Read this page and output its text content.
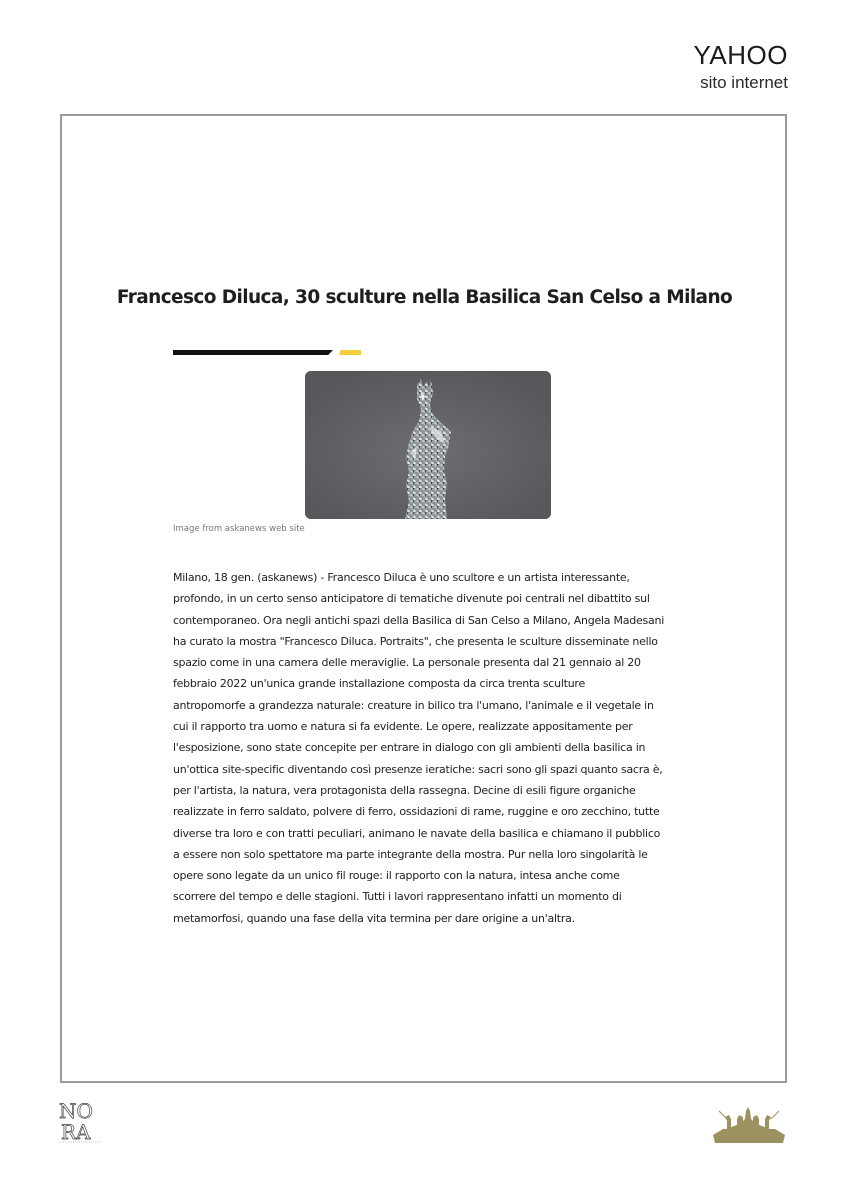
YAHOO
sito internet
Francesco Diluca, 30 sculture nella Basilica San Celso a Milano
Image from askanews web site
Milano, 18 gen. (askanews) - Francesco Diluca è uno scultore e un artista interessante,
profondo, in un certo senso anticipatore di tematiche divenute poi centrali nel dibattito sul
contemporaneo. Ora negli antichi spazi della Basilica di San Celso a Milano, Angela Madesani
ha curato la mostra "Francesco Diluca. Portraits", che presenta le sculture disseminate nello
spazio come in una camera delle meraviglie. La personale presenta dal 21 gennaio al 20
febbraio 2022 un'unica grande installazione composta da circa trenta sculture
antropomorfe a grandezza naturale: creature in bilico tra l'umano, l'animale e il vegetale in
cui il rapporto tra uomo e natura si fa evidente. Le opere, realizzate appositamente per
l'esposizione, sono state concepite per entrare in dialogo con gli ambienti della basilica in
un'ottica site-specific diventando così presenze ieratiche: sacri sono gli spazi quanto sacra è,
per l'artista, la natura, vera protagonista della rassegna. Decine di esili figure organiche
realizzate in ferro saldato, polvere di ferro, ossidazioni di rame, ruggine e oro zecchino, tutte
diverse tra loro e con tratti peculiari, animano le navate della basilica e chiamano il pubblico
a essere non solo spettatore ma parte integrante della mostra. Pur nella loro singolarità le
opere sono legate da un unico fil rouge: il rapporto con la natura, intesa anche come
scorrere del tempo e delle stagioni. Tutti i lavori rappresentano infatti un momento di
metamorfosi, quando una fase della vita termina per dare origine a un'altra.
NO
RA
